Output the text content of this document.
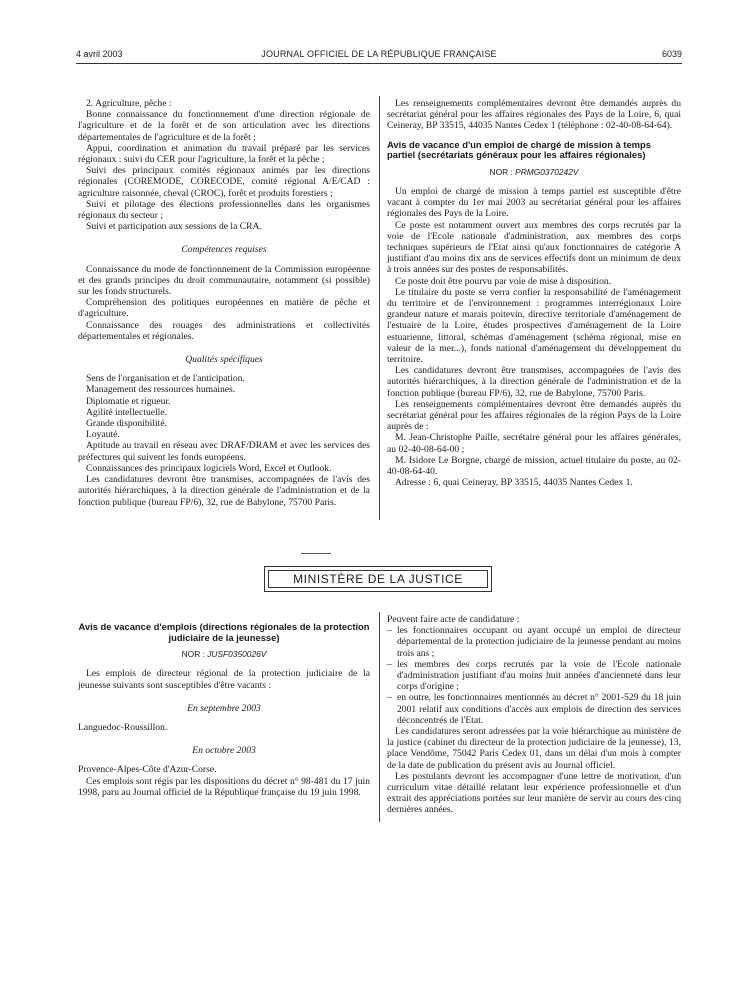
4 avril 2003	JOURNAL OFFICIEL DE LA RÉPUBLIQUE FRANÇAISE	6039

2. Agriculture, pêche :

Bonne connaissance du fonctionnement d'une direction régionale de l'agriculture et de la forêt et de son articulation avec les directions départementales de l'agriculture et de la forêt ;

Appui, coordination et animation du travail préparé par les services régionaux : suivi du CER pour l'agriculture, la forêt et la pêche ;

Suivi des principaux comités régionaux animés par les directions régionales (COREMODE, CORECODE, comité régional A/E/CAD : agriculture raisonnée, cheval (CROC), forêt et produits forestiers ;

Suivi et pilotage des élections professionnelles dans les organismes régionaux du secteur ;

Suivi et participation aux sessions de la CRA.

Compétences requises

Connaissance du mode de fonctionnement de la Commission européenne et des grands principes du droit communautaire, notamment (si possible) sur les fonds structurels.

Compréhension des politiques européennes en matière de pêche et d'agriculture.

Connaissance des rouages des administrations et collectivités départementales et régionales.

Qualités spécifiques

Sens de l'organisation et de l'anticipation.

Management des ressources humaines.

Diplomatie et rigueur.

Agilité intellectuelle.

Grande disponibilité.

Loyauté.

Aptitude au travail en réseau avec DRAF/DRAM et avec les services des préfectures qui suivent les fonds européens.

Connaissances des principaux logiciels Word, Excel et Outlook.

Les candidatures devront être transmises, accompagnées de l'avis des autorités hiérarchiques, à la direction générale de l'administration et de la fonction publique (bureau FP/6), 32, rue de Babylone, 75700 Paris.

Les renseignements complémentaires devront être demandés auprès du secrétariat général pour les affaires régionales des Pays de la Loire, 6, quai Ceineray, BP 33515, 44035 Nantes Cedex 1 (téléphone : 02-40-08-64-64).

Avis de vacance d'un emploi de chargé de mission à temps partiel (secrétariats généraux pour les affaires régionales)
NOR : PRMG0370242V

Un emploi de chargé de mission à temps partiel est susceptible d'être vacant à compter du 1er mai 2003 au secrétariat général pour les affaires régionales des Pays de la Loire.

Ce poste est notamment ouvert aux membres des corps recrutés par la voie de l'Ecole nationale d'administration, aux membres des corps techniques supérieurs de l'Etat ainsi qu'aux fonctionnaires de catégorie A justifiant d'au moins dix ans de services effectifs dont un minimum de deux à trois années sur des postes de responsabilités.

Ce poste doit être pourvu par voie de mise à disposition.

Le titulaire du poste se verra confier la responsabilité de l'aménagement du territoire et de l'environnement : programmes interrégionaux Loire grandeur nature et marais poitevin, directive territoriale d'aménagement de l'estuaire de la Loire, études prospectives d'aménagement de la Loire estuarienne, littoral, schémas d'aménagement (schéma régional, mise en valeur de la mer...), fonds national d'aménagement du développement du territoire.

Les candidatures devront être transmises, accompagnées de l'avis des autorités hiérarchiques, à la direction générale de l'administration et de la fonction publique (bureau FP/6), 32, rue de Babylone, 75700 Paris.

Les renseignements complémentaires devront être demandés auprès du secrétariat général pour les affaires régionales de la région Pays de la Loire auprès de :

M. Jean-Christophe Paille, secrétaire général pour les affaires générales, au 02-40-08-64-00 ;

M. Isidore Le Borgne, chargé de mission, actuel titulaire du poste, au 02-40-08-64-40.

Adresse : 6, quai Ceineray, BP 33515, 44035 Nantes Cedex 1.

MINISTÈRE DE LA JUSTICE
Avis de vacance d'emplois (directions régionales de la protection judiciaire de la jeunesse)
NOR : JUSF0350026V

Les emplois de directeur régional de la protection judiciaire de la jeunesse suivants sont susceptibles d'être vacants :

En septembre 2003

Languedoc-Roussillon.

En octobre 2003

Provence-Alpes-Côte d'Azur-Corse.

Ces emplois sont régis par les dispositions du décret n° 98-481 du 17 juin 1998, paru au Journal officiel de la République française du 19 juin 1998.

Peuvent faire acte de candidature :

– les fonctionnaires occupant ou ayant occupé un emploi de directeur départemental de la protection judiciaire de la jeunesse pendant au moins trois ans ;
– les membres des corps recrutés par la voie de l'Ecole nationale d'administration justifiant d'au moins huit années d'ancienneté dans leur corps d'origine ;
– en outre, les fonctionnaires mentionnés au décret n° 2001-529 du 18 juin 2001 relatif aux conditions d'accès aux emplois de direction des services déconcentrés de l'Etat.

Les candidatures seront adressées par la voie hiérarchique au ministère de la justice (cabinet du directeur de la protection judiciaire de la jeunesse), 13, place Vendôme, 75042 Paris Cedex 01, dans un délai d'un mois à compter de la date de publication du présent avis au Journal officiel.

Les postulants devront les accompagner d'une lettre de motivation, d'un curriculum vitae détaillé relatant leur expérience professionnelle et d'un extrait des appréciations portées sur leur manière de servir au cours des cinq dernières années.
